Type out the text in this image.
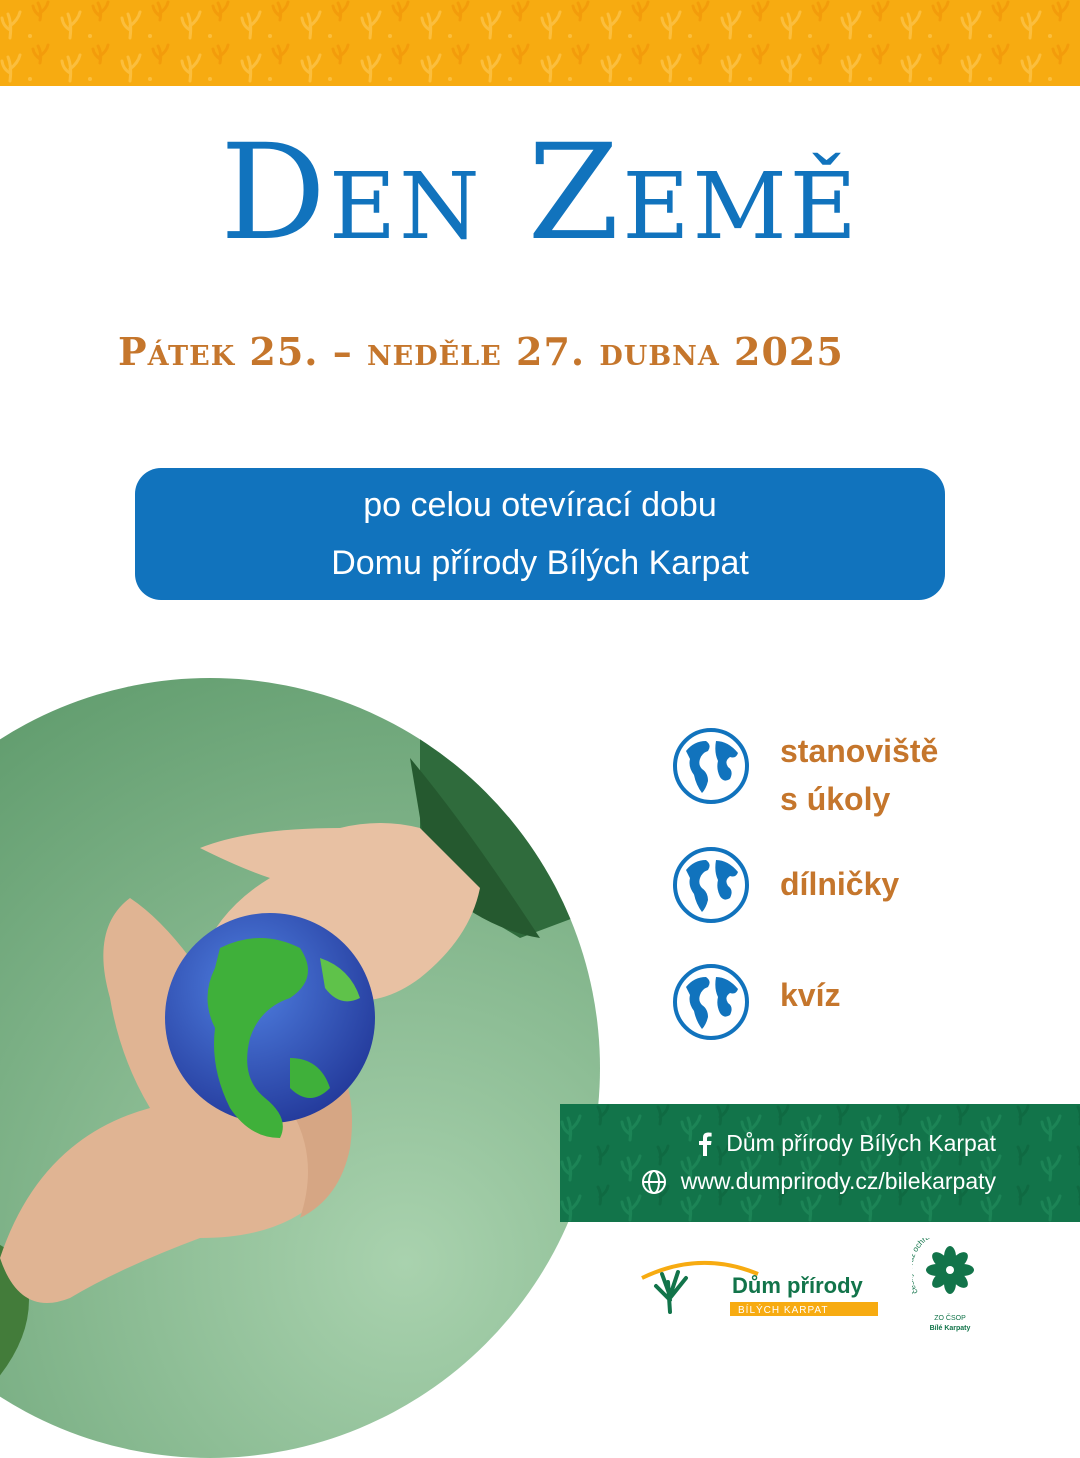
Den Země
Pátek 25. – neděle 27. dubna 2025
po celou otevírací dobu
Domu přírody Bílých Karpat
stanoviště
s úkoly
dílničky
kvíz
Dům přírody Bílých Karpat
www.dumprirody.cz/bilekarpaty
Dům přírody
BÍLÝCH KARPAT
chr
ZO ČSOP
Bílé Karpaty
